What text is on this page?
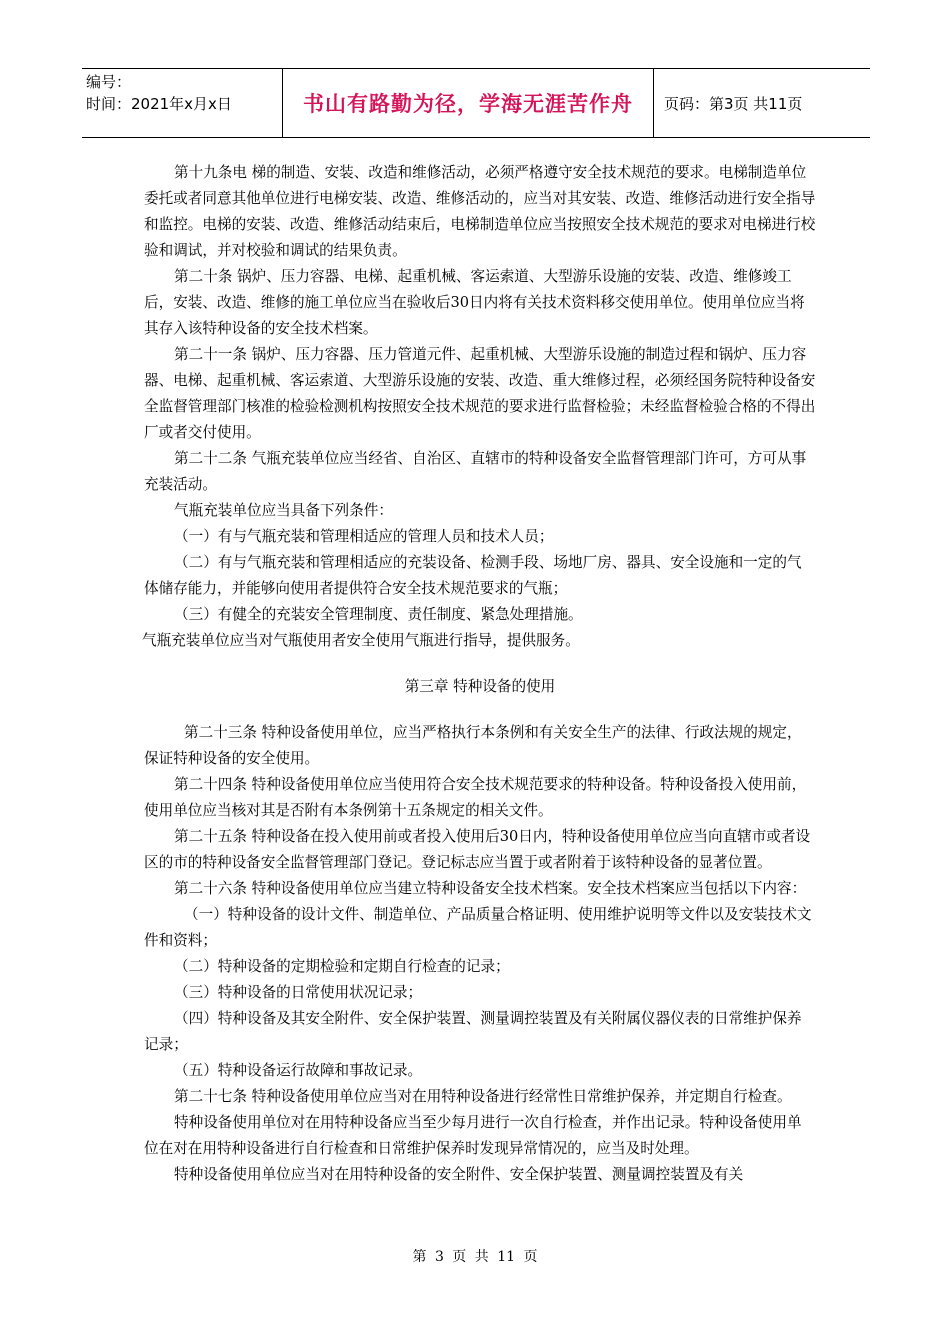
编号：
时间：2021年x月x日	书山有路勤为径，学海无涯苦作舟	页码：第3页 共11页

第十九条电 梯的制造、安装、改造和维修活动，必须严格遵守安全技术规范的要求。电梯制造单位委托或者同意其他单位进行电梯安装、改造、维修活动的，应当对其安装、改造、维修活动进行安全指导和监控。电梯的安装、改造、维修活动结束后，电梯制造单位应当按照安全技术规范的要求对电梯进行校验和调试，并对校验和调试的结果负责。

第二十条 锅炉、压力容器、电梯、起重机械、客运索道、大型游乐设施的安装、改造、维修竣工后，安装、改造、维修的施工单位应当在验收后30日内将有关技术资料移交使用单位。使用单位应当将其存入该特种设备的安全技术档案。

第二十一条 锅炉、压力容器、压力管道元件、起重机械、大型游乐设施的制造过程和锅炉、压力容器、电梯、起重机械、客运索道、大型游乐设施的安装、改造、重大维修过程，必须经国务院特种设备安全监督管理部门核准的检验检测机构按照安全技术规范的要求进行监督检验；未经监督检验合格的不得出厂或者交付使用。

第二十二条 气瓶充装单位应当经省、自治区、直辖市的特种设备安全监督管理部门许可，方可从事充装活动。

气瓶充装单位应当具备下列条件：

（一）有与气瓶充装和管理相适应的管理人员和技术人员；

（二）有与气瓶充装和管理相适应的充装设备、检测手段、场地厂房、器具、安全设施和一定的气体储存能力，并能够向使用者提供符合安全技术规范要求的气瓶；

（三）有健全的充装安全管理制度、责任制度、紧急处理措施。

气瓶充装单位应当对气瓶使用者安全使用气瓶进行指导，提供服务。

第三章 特种设备的使用

第二十三条 特种设备使用单位，应当严格执行本条例和有关安全生产的法律、行政法规的规定，保证特种设备的安全使用。

第二十四条 特种设备使用单位应当使用符合安全技术规范要求的特种设备。特种设备投入使用前，使用单位应当核对其是否附有本条例第十五条规定的相关文件。

第二十五条 特种设备在投入使用前或者投入使用后30日内，特种设备使用单位应当向直辖市或者设区的市的特种设备安全监督管理部门登记。登记标志应当置于或者附着于该特种设备的显著位置。

第二十六条 特种设备使用单位应当建立特种设备安全技术档案。安全技术档案应当包括以下内容：

（一）特种设备的设计文件、制造单位、产品质量合格证明、使用维护说明等文件以及安装技术文件和资料；

（二）特种设备的定期检验和定期自行检查的记录；

（三）特种设备的日常使用状况记录；

（四）特种设备及其安全附件、安全保护装置、测量调控装置及有关附属仪器仪表的日常维护保养记录；

（五）特种设备运行故障和事故记录。

第二十七条 特种设备使用单位应当对在用特种设备进行经常性日常维护保养，并定期自行检查。

特种设备使用单位对在用特种设备应当至少每月进行一次自行检查，并作出记录。特种设备使用单位在对在用特种设备进行自行检查和日常维护保养时发现异常情况的，应当及时处理。

特种设备使用单位应当对在用特种设备的安全附件、安全保护装置、测量调控装置及有关

第 3 页 共 11 页
